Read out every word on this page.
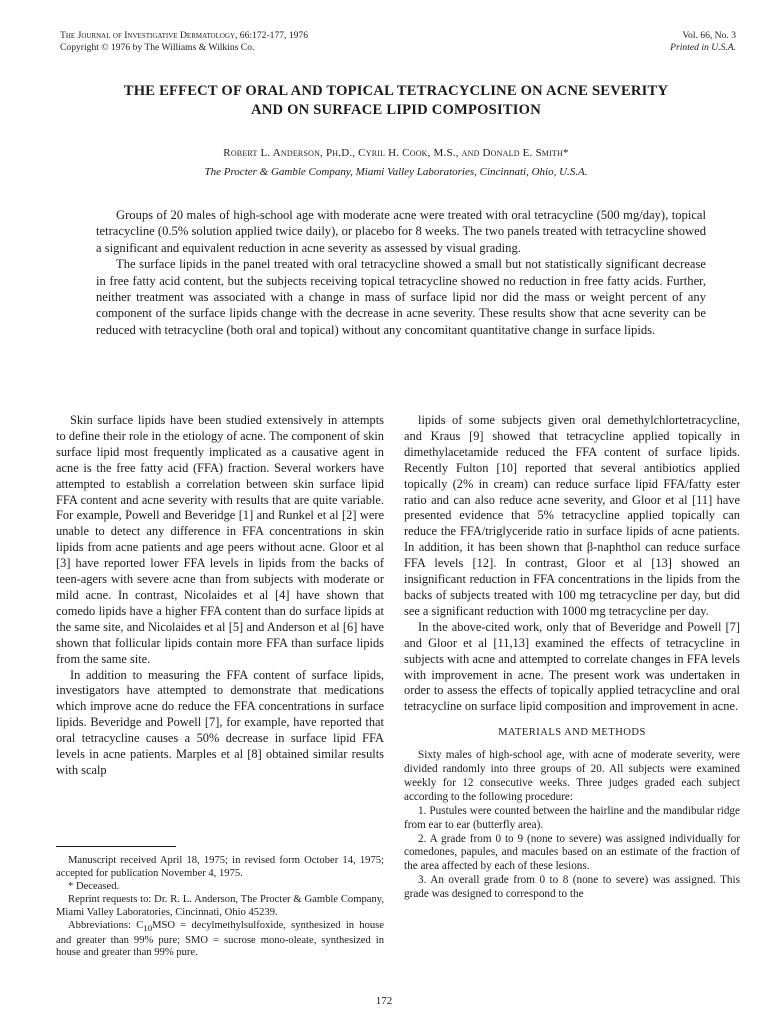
The Journal of Investigative Dermatology, 66:172-177, 1976
Copyright © 1976 by The Williams & Wilkins Co.
Vol. 66, No. 3
Printed in U.S.A.
THE EFFECT OF ORAL AND TOPICAL TETRACYCLINE ON ACNE SEVERITY
AND ON SURFACE LIPID COMPOSITION
Robert L. Anderson, Ph.D., Cyril H. Cook, M.S., and Donald E. Smith*
The Procter & Gamble Company, Miami Valley Laboratories, Cincinnati, Ohio, U.S.A.

Groups of 20 males of high-school age with moderate acne were treated with oral tetracycline (500 mg/day), topical tetracycline (0.5% solution applied twice daily), or placebo for 8 weeks. The two panels treated with tetracycline showed a significant and equivalent reduction in acne severity as assessed by visual grading.

The surface lipids in the panel treated with oral tetracycline showed a small but not statistically significant decrease in free fatty acid content, but the subjects receiving topical tetracycline showed no reduction in free fatty acids. Further, neither treatment was associated with a change in mass of surface lipid nor did the mass or weight percent of any component of the surface lipids change with the decrease in acne severity. These results show that acne severity can be reduced with tetracycline (both oral and topical) without any concomitant quantitative change in surface lipids.

Skin surface lipids have been studied extensively in attempts to define their role in the etiology of acne. The component of skin surface lipid most frequently implicated as a causative agent in acne is the free fatty acid (FFA) fraction. Several workers have attempted to establish a correlation between skin surface lipid FFA content and acne severity with results that are quite variable. For example, Powell and Beveridge [1] and Runkel et al [2] were unable to detect any difference in FFA concentrations in skin lipids from acne patients and age peers without acne. Gloor et al [3] have reported lower FFA levels in lipids from the backs of teen-agers with severe acne than from subjects with moderate or mild acne. In contrast, Nicolaides et al [4] have shown that comedo lipids have a higher FFA content than do surface lipids at the same site, and Nicolaides et al [5] and Anderson et al [6] have shown that follicular lipids contain more FFA than surface lipids from the same site.

In addition to measuring the FFA content of surface lipids, investigators have attempted to demonstrate that medications which improve acne do reduce the FFA concentrations in surface lipids. Beveridge and Powell [7], for example, have reported that oral tetracycline causes a 50% decrease in surface lipid FFA levels in acne patients. Marples et al [8] obtained similar results with scalp

lipids of some subjects given oral demethylchlortetracycline, and Kraus [9] showed that tetracycline applied topically in dimethylacetamide reduced the FFA content of surface lipids. Recently Fulton [10] reported that several antibiotics applied topically (2% in cream) can reduce surface lipid FFA/fatty ester ratio and can also reduce acne severity, and Gloor et al [11] have presented evidence that 5% tetracycline applied topically can reduce the FFA/triglyceride ratio in surface lipids of acne patients. In addition, it has been shown that β-naphthol can reduce surface FFA levels [12]. In contrast, Gloor et al [13] showed an insignificant reduction in FFA concentrations in the lipids from the backs of subjects treated with 100 mg tetracycline per day, but did see a significant reduction with 1000 mg tetracycline per day.

In the above-cited work, only that of Beveridge and Powell [7] and Gloor et al [11,13] examined the effects of tetracycline in subjects with acne and attempted to correlate changes in FFA levels with improvement in acne. The present work was undertaken in order to assess the effects of topically applied tetracycline and oral tetracycline on surface lipid composition and improvement in acne.

MATERIALS AND METHODS

Sixty males of high-school age, with acne of moderate severity, were divided randomly into three groups of 20. All subjects were examined weekly for 12 consecutive weeks. Three judges graded each subject according to the following procedure:

1. Pustules were counted between the hairline and the mandibular ridge from ear to ear (butterfly area).

2. A grade from 0 to 9 (none to severe) was assigned individually for comedones, papules, and macules based on an estimate of the fraction of the area affected by each of these lesions.

3. An overall grade from 0 to 8 (none to severe) was assigned. This grade was designed to correspond to the

Manuscript received April 18, 1975; in revised form October 14, 1975; accepted for publication November 4, 1975.

* Deceased.

Reprint requests to: Dr. R. L. Anderson, The Procter & Gamble Company, Miami Valley Laboratories, Cincinnati, Ohio 45239.

Abbreviations: $C_{10}MSO$ = decylmethylsulfoxide, synthesized in house and greater than 99% pure; SMO = sucrose mono-oleate, synthesized in house and greater than 99% pure.

172
